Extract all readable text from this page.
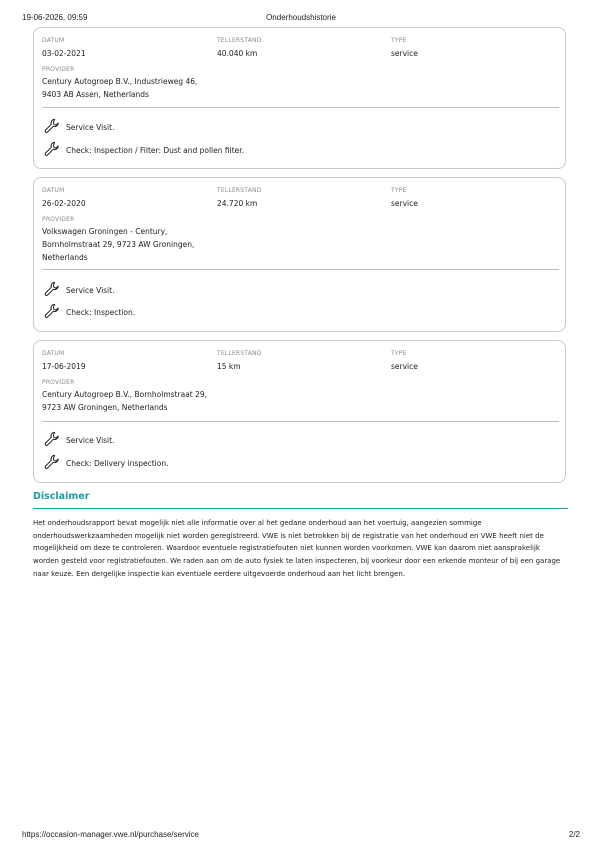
19-06-2026, 09:59	Onderhoudshistorie
DATUM
03-02-2021
TELLERSTAND
40.040 km
TYPE
service
PROVIDER
Century Autogroep B.V., Industrieweg 46,
9403 AB Assen, Netherlands
Service Visit.
Check: Inspection / Filter: Dust and pollen filter.
DATUM
26-02-2020
TELLERSTAND
24.720 km
TYPE
service
PROVIDER
Volkswagen Groningen - Century,
Bornholmstraat 29, 9723 AW Groningen,
Netherlands
Service Visit.
Check: Inspection.
DATUM
17-06-2019
TELLERSTAND
15 km
TYPE
service
PROVIDER
Century Autogroep B.V., Bornholmstraat 29,
9723 AW Groningen, Netherlands
Service Visit.
Check: Delivery inspection.
Disclaimer

Het onderhoudsrapport bevat mogelijk niet alle informatie over al het gedane onderhoud aan het voertuig, aangezien sommige onderhoudswerkzaamheden mogelijk niet worden geregistreerd. VWE is niet betrokken bij de registratie van het onderhoud en VWE heeft niet de mogelijkheid om deze te controleren. Waardoor eventuele registratiefouten niet kunnen worden voorkomen. VWE kan daarom niet aansprakelijk worden gesteld voor registratiefouten. We raden aan om de auto fysiek te laten inspecteren, bij voorkeur door een erkende monteur of bij een garage naar keuze. Een dergelijke inspectie kan eventuele eerdere uitgevoerde onderhoud aan het licht brengen.

https://occasion-manager.vwe.nl/purchase/service	2/2
